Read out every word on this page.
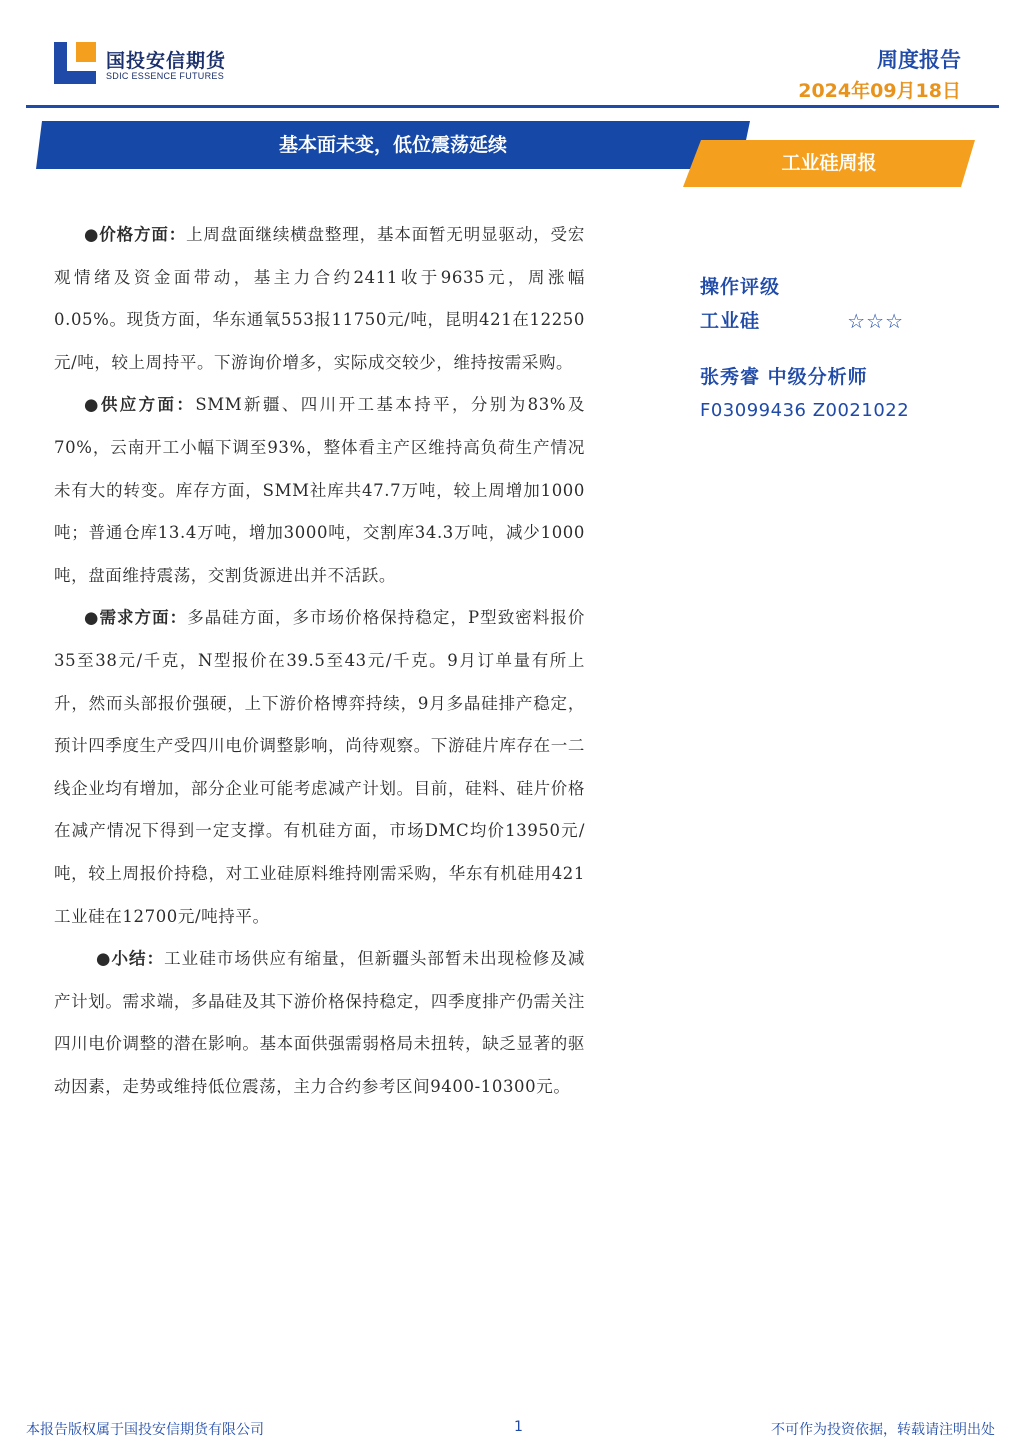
国投安信期货
SDIC ESSENCE FUTURES
周度报告
2024年09月18日
基本面未变，低位震荡延续
工业硅周报

●价格方面：上周盘面继续横盘整理，基本面暂无明显驱动，受宏观情绪及资金面带动，基主力合约2411收于9635元，周涨幅0.05%。现货方面，华东通氧553报11750元/吨，昆明421在12250元/吨，较上周持平。下游询价增多，实际成交较少，维持按需采购。

●供应方面：SMM新疆、四川开工基本持平，分别为83%及70%，云南开工小幅下调至93%，整体看主产区维持高负荷生产情况未有大的转变。库存方面，SMM社库共47.7万吨，较上周增加1000吨；普通仓库13.4万吨，增加3000吨，交割库34.3万吨，减少1000吨，盘面维持震荡，交割货源进出并不活跃。

●需求方面：多晶硅方面，多市场价格保持稳定，P型致密料报价35至38元/千克，N型报价在39.5至43元/千克。9月订单量有所上升，然而头部报价强硬，上下游价格博弈持续，9月多晶硅排产稳定，预计四季度生产受四川电价调整影响，尚待观察。下游硅片库存在一二线企业均有增加，部分企业可能考虑减产计划。目前，硅料、硅片价格在减产情况下得到一定支撑。有机硅方面，市场DMC均价13950元/吨，较上周报价持稳，对工业硅原料维持刚需采购，华东有机硅用421工业硅在12700元/吨持平。

●小结：工业硅市场供应有缩量，但新疆头部暂未出现检修及减产计划。需求端，多晶硅及其下游价格保持稳定，四季度排产仍需关注四川电价调整的潜在影响。基本面供强需弱格局未扭转，缺乏显著的驱动因素，走势或维持低位震荡，主力合约参考区间9400-10300元。

操作评级
工业硅	☆☆☆
张秀睿 中级分析师
F03099436 Z0021022
本报告版权属于国投安信期货有限公司	1	不可作为投资依据，转载请注明出处
